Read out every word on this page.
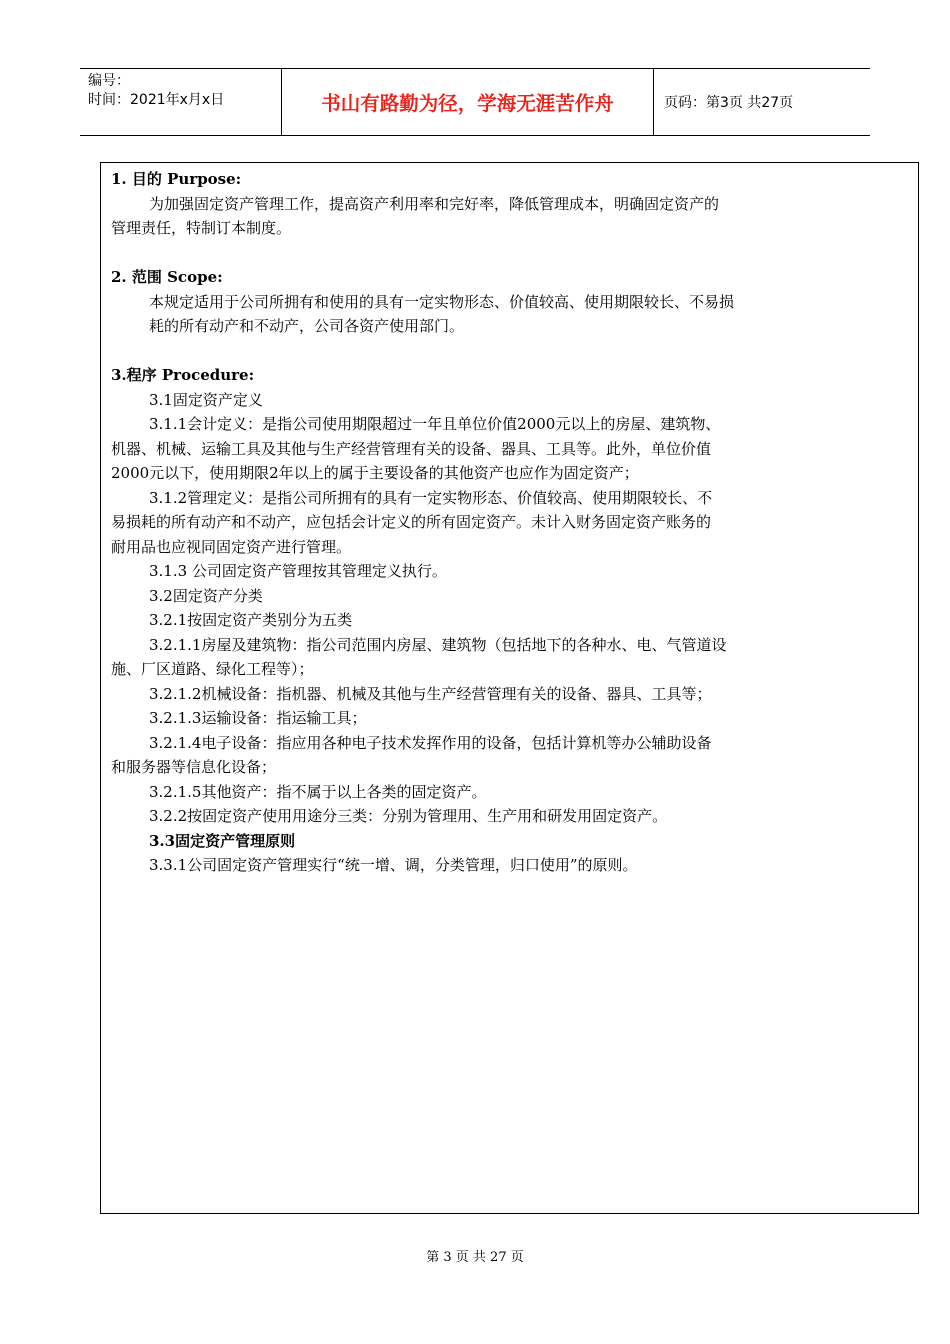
编号：
时间：2021年x月x日	书山有路勤为径，学海无涯苦作舟	页码：第3页 共27页

1. 目的 Purpose:

为加强固定资产管理工作，提高资产利用率和完好率，降低管理成本，明确固定资产的

管理责任，特制订本制度。

2. 范围 Scope:

本规定适用于公司所拥有和使用的具有一定实物形态、价值较高、使用期限较长、不易损

耗的所有动产和不动产，公司各资产使用部门。

3.程序 Procedure:

3.1固定资产定义

3.1.1会计定义：是指公司使用期限超过一年且单位价值2000元以上的房屋、建筑物、

机器、机械、运输工具及其他与生产经营管理有关的设备、器具、工具等。此外，单位价值

2000元以下，使用期限2年以上的属于主要设备的其他资产也应作为固定资产；

3.1.2管理定义：是指公司所拥有的具有一定实物形态、价值较高、使用期限较长、不

易损耗的所有动产和不动产，应包括会计定义的所有固定资产。未计入财务固定资产账务的

耐用品也应视同固定资产进行管理。

3.1.3 公司固定资产管理按其管理定义执行。

3.2固定资产分类

3.2.1按固定资产类别分为五类

3.2.1.1房屋及建筑物：指公司范围内房屋、建筑物（包括地下的各种水、电、气管道设

施、厂区道路、绿化工程等）；

3.2.1.2机械设备：指机器、机械及其他与生产经营管理有关的设备、器具、工具等；

3.2.1.3运输设备：指运输工具；

3.2.1.4电子设备：指应用各种电子技术发挥作用的设备，包括计算机等办公辅助设备

和服务器等信息化设备；

3.2.1.5其他资产：指不属于以上各类的固定资产。

3.2.2按固定资产使用用途分三类：分别为管理用、生产用和研发用固定资产。

3.3固定资产管理原则

3.3.1公司固定资产管理实行“统一增、调，分类管理，归口使用”的原则。

第 3 页 共 27 页
